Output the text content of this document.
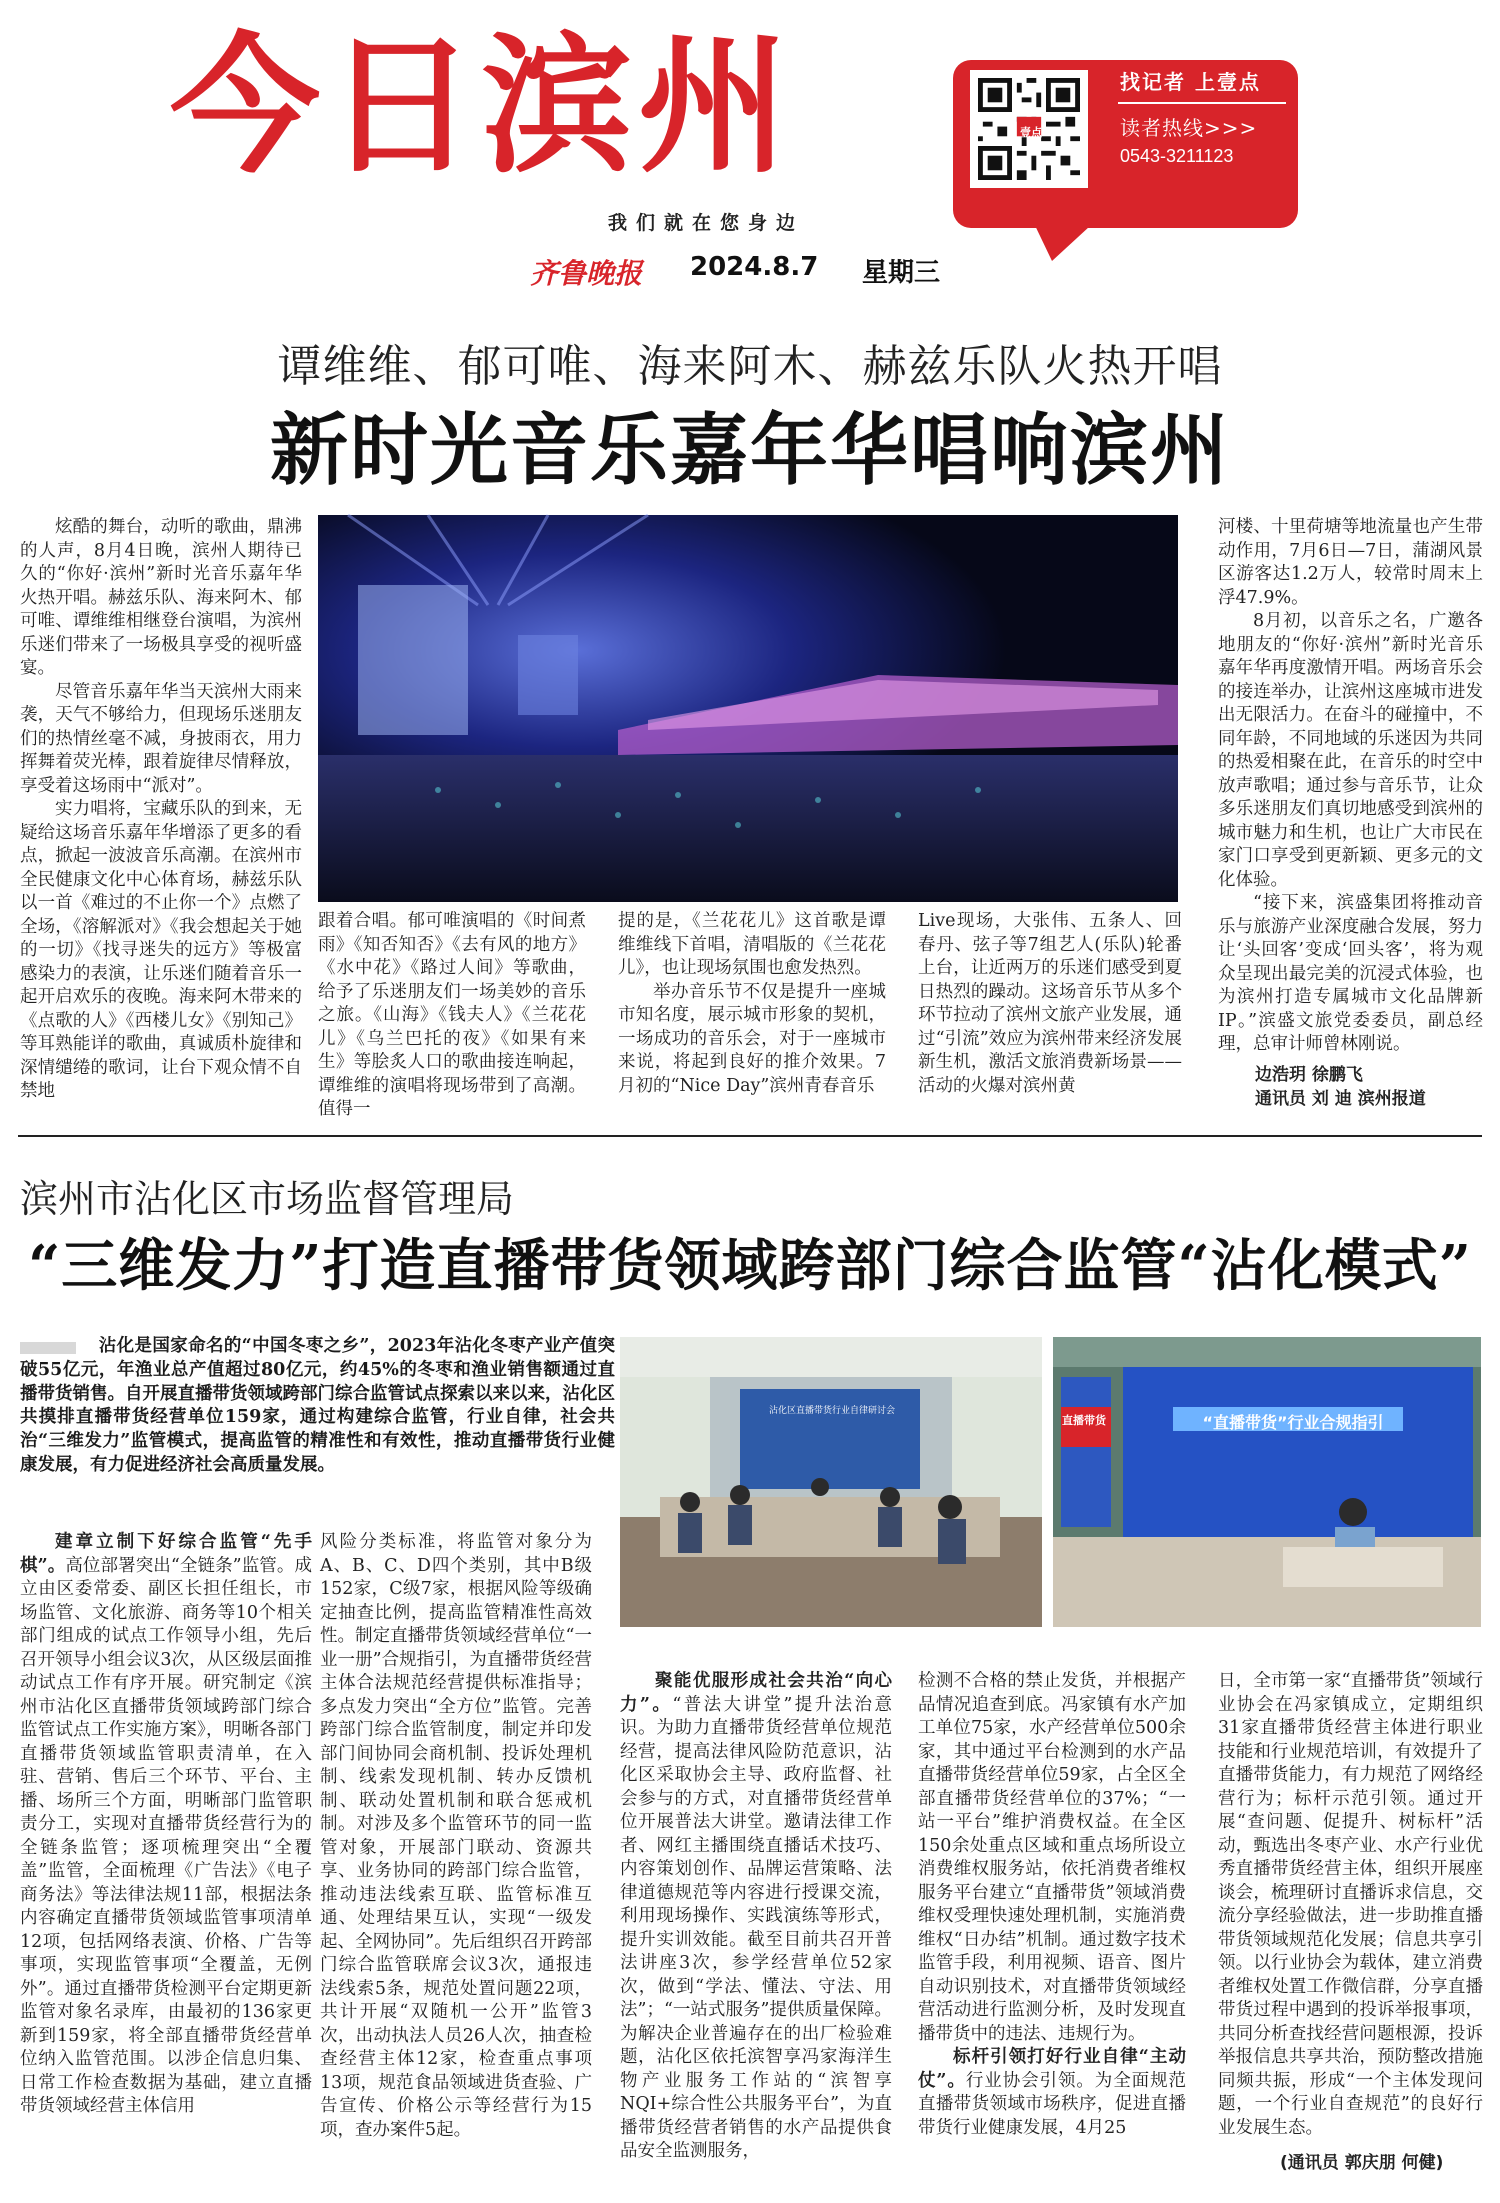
今日滨州
我们就在您身边
齐鲁晚报 2024.8.7 星期三
壹点
找记者 上壹点
读者热线>>>
0543-3211123
谭维维、郁可唯、海来阿木、赫兹乐队火热开唱
新时光音乐嘉年华唱响滨州

炫酷的舞台，动听的歌曲，鼎沸的人声，8月4日晚，滨州人期待已久的“你好·滨州”新时光音乐嘉年华火热开唱。赫兹乐队、海来阿木、郁可唯、谭维维相继登台演唱，为滨州乐迷们带来了一场极具享受的视听盛宴。

尽管音乐嘉年华当天滨州大雨来袭，天气不够给力，但现场乐迷朋友们的热情丝毫不减，身披雨衣，用力挥舞着荧光棒，跟着旋律尽情释放，享受着这场雨中“派对”。

实力唱将，宝藏乐队的到来，无疑给这场音乐嘉年华增添了更多的看点，掀起一波波音乐高潮。在滨州市全民健康文化中心体育场，赫兹乐队以一首《难过的不止你一个》点燃了全场，《溶解派对》《我会想起关于她的一切》《找寻迷失的远方》等极富感染力的表演，让乐迷们随着音乐一起开启欢乐的夜晚。海来阿木带来的《点歌的人》《西楼儿女》《别知己》等耳熟能详的歌曲，真诚质朴旋律和深情缱绻的歌词，让台下观众情不自禁地

跟着合唱。郁可唯演唱的《时间煮雨》《知否知否》《去有风的地方》《水中花》《路过人间》等歌曲，给予了乐迷朋友们一场美妙的音乐之旅。《山海》《钱夫人》《兰花花儿》《乌兰巴托的夜》《如果有来生》等脍炙人口的歌曲接连响起，谭维维的演唱将现场带到了高潮。值得一

提的是，《兰花花儿》这首歌是谭维维线下首唱，清唱版的《兰花花儿》，也让现场氛围也愈发热烈。

举办音乐节不仅是提升一座城市知名度，展示城市形象的契机，一场成功的音乐会，对于一座城市来说，将起到良好的推介效果。7月初的“Nice Day”滨州青春音乐

Live现场，大张伟、五条人、回春丹、弦子等7组艺人(乐队)轮番上台，让近两万的乐迷们感受到夏日热烈的躁动。这场音乐节从多个环节拉动了滨州文旅产业发展，通过“引流”效应为滨州带来经济发展新生机，激活文旅消费新场景——活动的火爆对滨州黄

河楼、十里荷塘等地流量也产生带动作用，7月6日—7日，蒲湖风景区游客达1.2万人，较常时周末上浮47.9%。

8月初，以音乐之名，广邀各地朋友的“你好·滨州”新时光音乐嘉年华再度激情开唱。两场音乐会的接连举办，让滨州这座城市进发出无限活力。在奋斗的碰撞中，不同年龄，不同地域的乐迷因为共同的热爱相聚在此，在音乐的时空中放声歌唱；通过参与音乐节，让众多乐迷朋友们真切地感受到滨州的城市魅力和生机，也让广大市民在家门口享受到更新颖、更多元的文化体验。

“接下来，滨盛集团将推动音乐与旅游产业深度融合发展，努力让‘头回客’变成‘回头客’，将为观众呈现出最完美的沉浸式体验，也为滨州打造专属城市文化品牌新IP。”滨盛文旅党委委员，副总经理，总审计师曾林刚说。

边浩玥 徐鹏飞
通讯员 刘 迪 滨州报道
滨州市沾化区市场监督管理局
“三维发力”打造直播带货领域跨部门综合监管“沾化模式”

沾化是国家命名的“中国冬枣之乡”，2023年沾化冬枣产业产值突破55亿元，年渔业总产值超过80亿元，约45%的冬枣和渔业销售额通过直播带货销售。自开展直播带货领域跨部门综合监管试点探索以来以来，沾化区共摸排直播带货经营单位159家，通过构建综合监管，行业自律，社会共治“三维发力”监管模式，提高监管的精准性和有效性，推动直播带货行业健康发展，有力促进经济社会高质量发展。

沾化区直播带货行业自律研讨会
“直播带货”行业合规指引
直播带货

建章立制下好综合监管“先手棋”。高位部署突出“全链条”监管。成立由区委常委、副区长担任组长，市场监管、文化旅游、商务等10个相关部门组成的试点工作领导小组，先后召开领导小组会议3次，从区级层面推动试点工作有序开展。研究制定《滨州市沾化区直播带货领域跨部门综合监管试点工作实施方案》，明晰各部门直播带货领域监管职责清单，在入驻、营销、售后三个环节、平台、主播、场所三个方面，明晰部门监管职责分工，实现对直播带货经营行为的全链条监管；逐项梳理突出“全覆盖”监管，全面梳理《广告法》《电子商务法》等法律法规11部，根据法条内容确定直播带货领域监管事项清单12项，包括网络表演、价格、广告等事项，实现监管事项“全覆盖，无例外”。通过直播带货检测平台定期更新监管对象名录库，由最初的136家更新到159家，将全部直播带货经营单位纳入监管范围。以涉企信息归集、日常工作检查数据为基础，建立直播带货领域经营主体信用

风险分类标准，将监管对象分为A、B、C、D四个类别，其中B级152家，C级7家，根据风险等级确定抽查比例，提高监管精准性高效性。制定直播带货领域经营单位“一业一册”合规指引，为直播带货经营主体合法规范经营提供标准指导；多点发力突出“全方位”监管。完善跨部门综合监管制度，制定并印发部门间协同会商机制、投诉处理机制、线索发现机制、转办反馈机制、联动处置机制和联合惩戒机制。对涉及多个监管环节的同一监管对象，开展部门联动、资源共享、业务协同的跨部门综合监管，推动违法线索互联、监管标准互通、处理结果互认，实现“一级发起、全网协同”。先后组织召开跨部门综合监管联席会议3次，通报违法线索5条，规范处置问题22项，共计开展“双随机一公开”监管3次，出动执法人员26人次，抽查检查经营主体12家，检查重点事项13项，规范食品领域进货查验、广告宣传、价格公示等经营行为15项，查办案件5起。

聚能优服形成社会共治“向心力”。“普法大讲堂”提升法治意识。为助力直播带货经营单位规范经营，提高法律风险防范意识，沾化区采取协会主导、政府监督、社会参与的方式，对直播带货经营单位开展普法大讲堂。邀请法律工作者、网红主播围绕直播话术技巧、内容策划创作、品牌运营策略、法律道德规范等内容进行授课交流，利用现场操作、实践演练等形式，提升实训效能。截至目前共召开普法讲座3次，参学经营单位52家次，做到“学法、懂法、守法、用法”；“一站式服务”提供质量保障。为解决企业普遍存在的出厂检验难题，沾化区依托滨智享冯家海洋生物产业服务工作站的“滨智享NQI+综合性公共服务平台”，为直播带货经营者销售的水产品提供食品安全监测服务，

检测不合格的禁止发货，并根据产品情况追查到底。冯家镇有水产加工单位75家，水产经营单位500余家，其中通过平台检测到的水产品直播带货经营单位59家，占全区全部直播带货经营单位的37%；“一站一平台”维护消费权益。在全区150余处重点区域和重点场所设立消费维权服务站，依托消费者维权服务平台建立“直播带货”领域消费维权受理快速处理机制，实施消费维权“日办结”机制。通过数字技术监管手段，利用视频、语音、图片自动识别技术，对直播带货领域经营活动进行监测分析，及时发现直播带货中的违法、违规行为。

标杆引领打好行业自律“主动仗”。行业协会引领。为全面规范直播带货领域市场秩序，促进直播带货行业健康发展，4月25

日，全市第一家“直播带货”领域行业协会在冯家镇成立，定期组织31家直播带货经营主体进行职业技能和行业规范培训，有效提升了直播带货能力，有力规范了网络经营行为；标杆示范引领。通过开展“查问题、促提升、树标杆”活动，甄选出冬枣产业、水产行业优秀直播带货经营主体，组织开展座谈会，梳理研讨直播诉求信息，交流分享经验做法，进一步助推直播带货领域规范化发展；信息共享引领。以行业协会为载体，建立消费者维权处置工作微信群，分享直播带货过程中遇到的投诉举报事项，共同分析查找经营问题根源，投诉举报信息共享共治，预防整改措施同频共振，形成“一个主体发现问题，一个行业自查规范”的良好行业发展生态。

(通讯员 郭庆朋 何健)
